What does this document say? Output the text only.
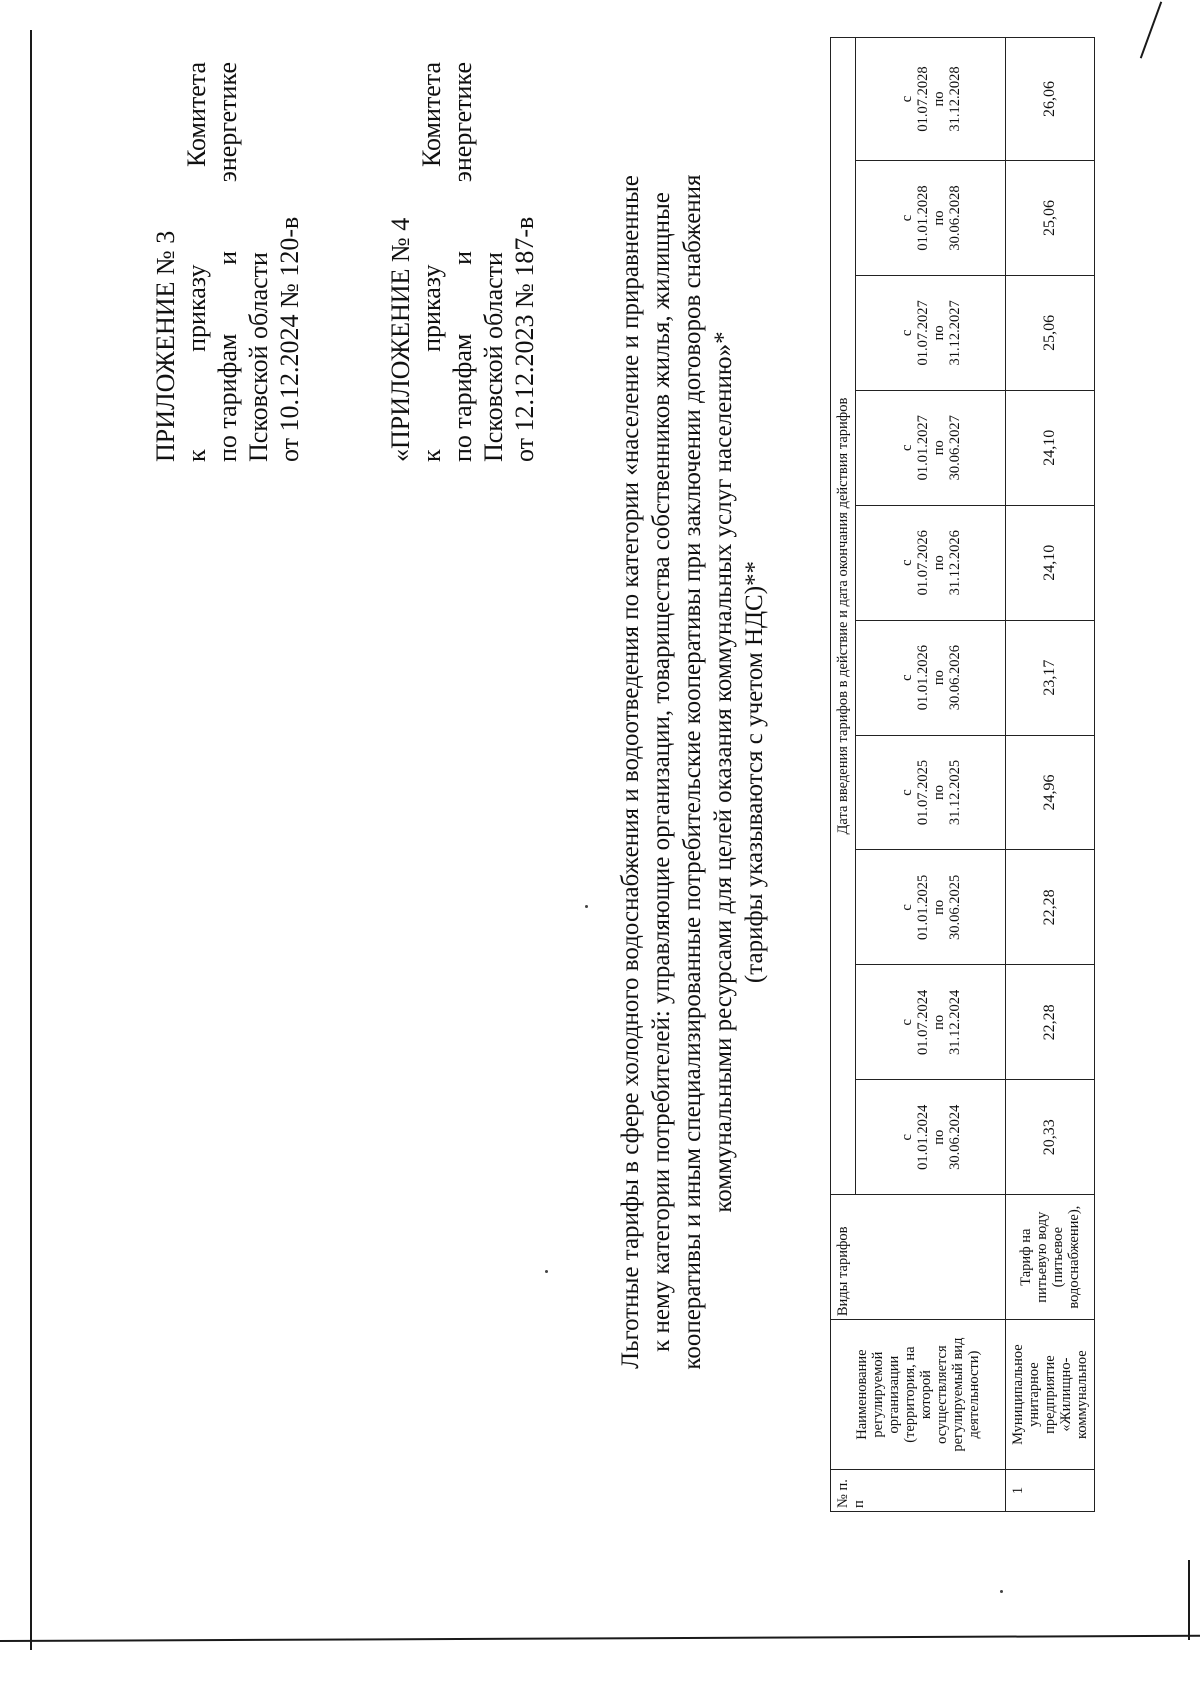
ПРИЛОЖЕНИЕ № 3 к
приказу
Комитета
по тарифам
и
энергетике
Псковской области от 10.12.2024 № 120-в	«ПРИЛОЖЕНИЕ № 4 к
приказу
Комитета
по тарифам
и
энергетике
Псковской области от 12.12.2023 № 187-в	Льготные тарифы в сфере холодного водоснабжения и водоотведения по категории «население и приравненные к нему категории потребителей: управляющие организации, товарищества собственников жилья, жилищные кооперативы и иным специализированные потребительские кооперативы при заключении договоров снабжения коммунальными ресурсами для целей оказания коммунальных услуг населению»* (тарифы указываются с учетом НДС)**

№ п. п	Наименование регулируемой организации (территория, на которой осуществляется регулируемый вид деятельности)	Виды тарифов	Дата введения тарифов в действие и дата окончания действия тарифов									
			с
01.01.2024
по
30.06.2024	с
01.07.2024
по
31.12.2024	с
01.01.2025
по
30.06.2025	с
01.07.2025
по
31.12.2025	с
01.01.2026
по
30.06.2026	с
01.07.2026
по
31.12.2026	с
01.01.2027
по
30.06.2027	с
01.07.2027
по
31.12.2027	с
01.01.2028
по
30.06.2028	с
01.07.2028
по
31.12.2028
1	Муниципальное унитарное предприятие «Жилищно- коммунальное	Тариф на питьевую воду (питьевое водоснабжение),	20,33	22,28	22,28	24,96	23,17	24,10	24,10	25,06	25,06	26,06
